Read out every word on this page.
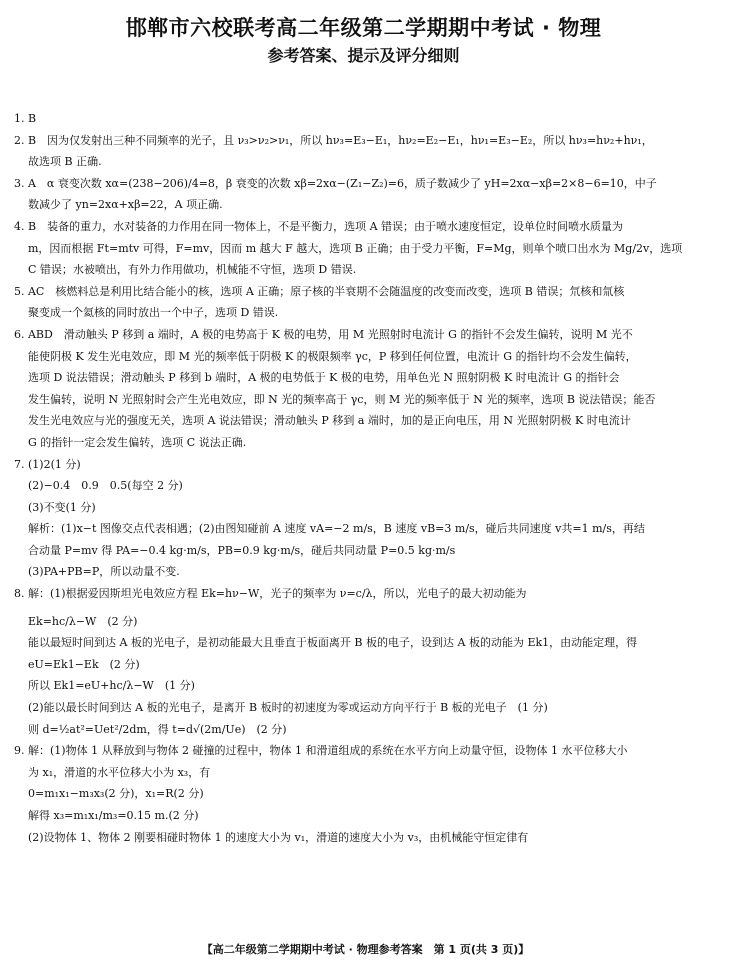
邯郸市六校联考高二年级第二学期期中考试 · 物理
参考答案、提示及评分细则
1. B
2. B　因为仅发射出三种不同频率的光子，且 ν₃>ν₂>ν₁，所以 hν₃=E₃−E₁，hν₂=E₂−E₁，hν₁=E₃−E₂，所以 hν₃=hν₂+hν₁，
故选项 B 正确.
3. A　α 衰变次数 xα=(238−206)/4=8，β 衰变的次数 xβ=2xα−(Z₁−Z₂)=6，质子数减少了 yH=2xα−xβ=2×8−6=10，中子
数减少了 yn=2xα+xβ=22，A 项正确.
4. B　装备的重力，水对装备的力作用在同一物体上，不是平衡力，选项 A 错误；由于喷水速度恒定，设单位时间喷水质量为
m，因而根据 Ft=mtv 可得，F=mv，因而 m 越大 F 越大，选项 B 正确；由于受力平衡，F=Mg，则单个喷口出水为 Mg/2v，选项
C 错误；水被喷出，有外力作用做功，机械能不守恒，选项 D 错误.
5. AC　核燃料总是利用比结合能小的核，选项 A 正确；原子核的半衰期不会随温度的改变而改变，选项 B 错误；氘核和氚核
聚变成一个氦核的同时放出一个中子，选项 D 错误.
6. ABD　滑动触头 P 移到 a 端时，A 极的电势高于 K 极的电势，用 M 光照射时电流计 G 的指针不会发生偏转，说明 M 光不
能使阴极 K 发生光电效应，即 M 光的频率低于阴极 K 的极限频率 γc，P 移到任何位置，电流计 G 的指针均不会发生偏转，
选项 D 说法错误；滑动触头 P 移到 b 端时，A 极的电势低于 K 极的电势，用单色光 N 照射阴极 K 时电流计 G 的指针会
发生偏转，说明 N 光照射时会产生光电效应，即 N 光的频率高于 γc，则 M 光的频率低于 N 光的频率，选项 B 说法错误；能否
发生光电效应与光的强度无关，选项 A 说法错误；滑动触头 P 移到 a 端时，加的是正向电压，用 N 光照射阴极 K 时电流计
G 的指针一定会发生偏转，选项 C 说法正确.
7. (1)2(1 分)
(2)−0.4　0.9　0.5(每空 2 分)
(3)不变(1 分)
解析：(1)x−t 图像交点代表相遇；(2)由图知碰前 A 速度 vA=−2 m/s，B 速度 vB=3 m/s，碰后共同速度 v共=1 m/s，再结
合动量 P=mv 得 PA=−0.4 kg·m/s，PB=0.9 kg·m/s，碰后共同动量 P=0.5 kg·m/s
(3)PA+PB=P，所以动量不变.
8. 解：(1)根据爱因斯坦光电效应方程 Ek=hν−W，光子的频率为 ν=c/λ，所以，光电子的最大初动能为
Ek=hc/λ−W　(2 分)
能以最短时间到达 A 板的光电子，是初动能最大且垂直于板面离开 B 板的电子，设到达 A 板的动能为 Ek1，由动能定理，得
eU=Ek1−Ek　(2 分)
所以 Ek1=eU+hc/λ−W　(1 分)
(2)能以最长时间到达 A 板的光电子，是离开 B 板时的初速度为零或运动方向平行于 B 板的光电子　(1 分)
则 d=½at²=Uet²/2dm，得 t=d√(2m/Ue)　(2 分)
9. 解：(1)物体 1 从释放到与物体 2 碰撞的过程中，物体 1 和滑道组成的系统在水平方向上动量守恒，设物体 1 水平位移大小
为 x₁，滑道的水平位移大小为 x₃，有
0=m₁x₁−m₃x₃(2 分)，x₁=R(2 分)
解得 x₃=m₁x₁/m₃=0.15 m.(2 分)
(2)设物体 1、物体 2 刚要相碰时物体 1 的速度大小为 v₁，滑道的速度大小为 v₃，由机械能守恒定律有
【高二年级第二学期期中考试 · 物理参考答案　第 1 页(共 3 页)】
